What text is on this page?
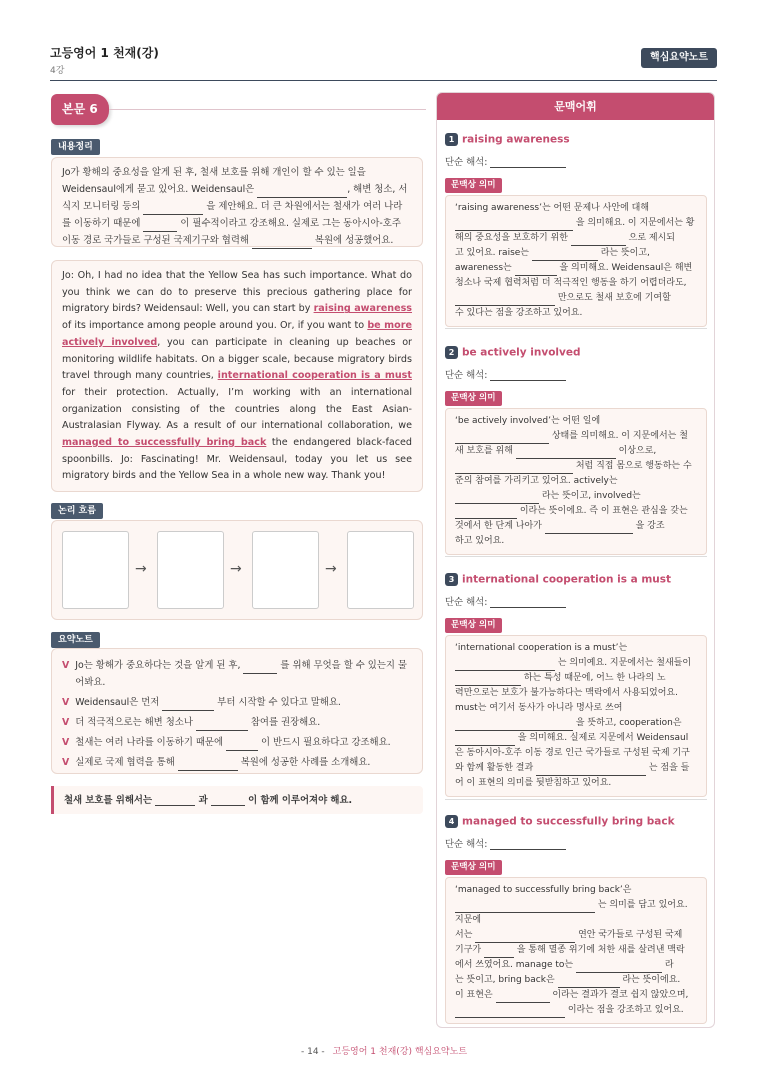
고등영어 1 천재(강)
4강
핵심요약노트
본문 6
내용정리
Jo가 황해의 중요성을 알게 된 후, 철새 보호를 위해 개인이 할 수 있는 일을
Weidensaul에게 묻고 있어요. Weidensaul은	, 해변 청소, 서
식지 모니터링 등의	을 제안해요. 더 큰 차원에서는 철새가 여러 나라
를 이동하기 때문에	이 필수적이라고 강조해요. 실제로 그는 동아시아-호주
이동 경로 국가들로 구성된 국제기구와 협력해	복원에 성공했어요.
Jo: Oh, I had no idea that the Yellow Sea has such importance. What do you think we can do to preserve this precious gathering place for migratory birds? Weidensaul: Well, you can start by raising awareness of its importance among people around you. Or, if you want to be more actively involved, you can participate in cleaning up beaches or monitoring wildlife habitats. On a bigger scale, because migratory birds travel through many countries, international cooperation is a must for their protection. Actually, I’m working with an international organization consisting of the countries along the East Asian-Australasian Flyway. As a result of our international collaboration, we managed to successfully bring back the endangered black-faced spoonbills. Jo: Fascinating! Mr. Weidensaul, today you let us see migratory birds and the Yellow Sea in a whole new way. Thank you!
논리 흐름
→	→	→
요약노트
V Jo는 황해가 중요하다는 것을 알게 된 후,	를 위해 무엇을 할 수 있는지 물
어봐요.
V Weidensaul은 먼저	부터 시작할 수 있다고 말해요.
V 더 적극적으로는 해변 청소나	참여를 권장해요.
V 철새는 여러 나라를 이동하기 때문에	이 반드시 필요하다고 강조해요.
V 실제로 국제 협력을 통해	복원에 성공한 사례를 소개해요.
철새 보호를 위해서는	과	이 함께 이루어져야 해요.
문맥어휘
1 raising awareness
단순 해석:
문맥상 의미
‘raising awareness’는 어떤 문제나 사안에 대해
을 의미해요. 이 지문에서는 황
해의 중요성을 보호하기 위한	으로 제시되
고 있어요. raise는	라는 뜻이고,
awareness는	을 의미해요. Weidensaul은 해변
청소나 국제 협력처럼 더 적극적인 행동을 하기 어렵더라도,
만으로도 철새 보호에 기여할
수 있다는 점을 강조하고 있어요.
2 be actively involved
단순 해석:
문맥상 의미
‘be actively involved’는 어떤 일에
상태를 의미해요. 이 지문에서는 철
새 보호를 위해	이상으로,
처럼 직접 몸으로 행동하는 수
준의 참여를 가리키고 있어요. actively는
라는 뜻이고, involved는
이라는 뜻이에요. 즉 이 표현은 관심을 갖는
것에서 한 단계 나아가	을 강조
하고 있어요.
3 international cooperation is a must
단순 해석:
문맥상 의미
‘international cooperation is a must’는
는 의미예요. 지문에서는 철새들이
하는 특성 때문에, 어느 한 나라의 노
력만으로는 보호가 불가능하다는 맥락에서 사용되었어요.
must는 여기서 동사가 아니라 명사로 쓰여
을 뜻하고, cooperation은
을 의미해요. 실제로 지문에서 Weidensaul
은 동아시아-호주 이동 경로 인근 국가들로 구성된 국제 기구
와 함께 활동한 결과	는 점을 들
어 이 표현의 의미를 뒷받침하고 있어요.
4 managed to successfully bring back
단순 해석:
문맥상 의미
‘managed to successfully bring back’은
는 의미를 담고 있어요. 지문에
서는	연안 국가들로 구성된 국제
기구가	을 통해 멸종 위기에 처한 새를 살려낸 맥락
에서 쓰였어요. manage to는	라
는 뜻이고, bring back은	라는 뜻이에요.
이 표현은	이라는 결과가 결코 쉽지 않았으며,
이라는 점을 강조하고 있어요.
- 14 - 고등영어 1 천재(강) 핵심요약노트
